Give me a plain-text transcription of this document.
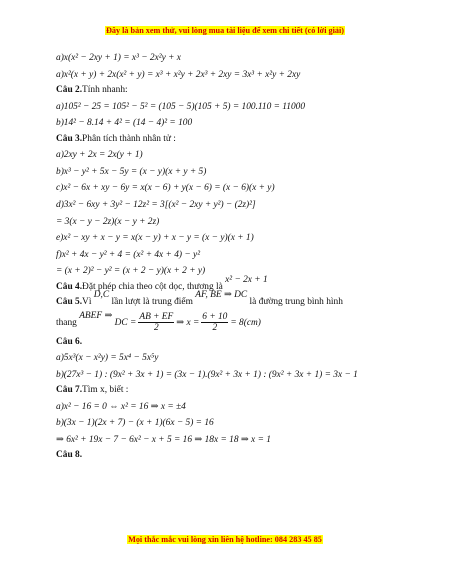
Đây là bản xem thử, vui lòng mua tài liệu để xem chi tiết (có lời giải)
a)x(x² − 2xy + 1) = x³ − 2x²y + x
a)x²(x + y) + 2x(x² + y) = x³ + x²y + 2x³ + 2xy = 3x³ + x²y + 2xy
Câu 2.Tính nhanh:
a)105² − 25 = 105² − 5² = (105 − 5)(105 + 5) = 100.110 = 11000
b)14² − 8.14 + 4² = (14 − 4)² = 100
Câu 3.Phân tích thành nhân tử :
a)2xy + 2x = 2x(y + 1)
b)x³ − y² + 5x − 5y = (x − y)(x + y + 5)
c)x² − 6x + xy − 6y = x(x − 6) + y(x − 6) = (x − 6)(x + y)
d)3x² − 6xy + 3y² − 12z² = 3[(x² − 2xy + y²) − (2z)²]
= 3(x − y − 2z)(x − y + 2z)
e)x² − xy + x − y = x(x − y) + x − y = (x − y)(x + 1)
f)x² + 4x − y² + 4 = (x² + 4x + 4) − y²
= (x + 2)² − y² = (x + 2 − y)(x + 2 + y)
Câu 4.Đặt phép chia theo cột dọc, thương là x² − 2x + 1
Câu 5.Vì D,C lần lượt là trung điểm AF, BE ⇒ DC là đường trung bình hình
thang ABEF ⇒ DC = $\frac{AB + EF}{2}$ ⇒ $x = \frac{6 + 10}{2} = 8(cm)$
Câu 6.
a)5x³(x − x²y) = 5x⁴ − 5x⁵y
b)(27x³ − 1) : (9x² + 3x + 1) = (3x − 1).(9x² + 3x + 1) : (9x² + 3x + 1) = 3x − 1
Câu 7.Tìm x, biết :
a)x² − 16 = 0 ⇔ x² = 16 ⇒ x = ±4
b)(3x − 1)(2x + 7) − (x + 1)(6x − 5) = 16
⇒ 6x² + 19x − 7 − 6x² − x + 5 = 16 ⇒ 18x = 18 ⇒ x = 1
Câu 8.
Mọi thắc mắc vui lòng xin liên hệ hotline: 084 283 45 85
